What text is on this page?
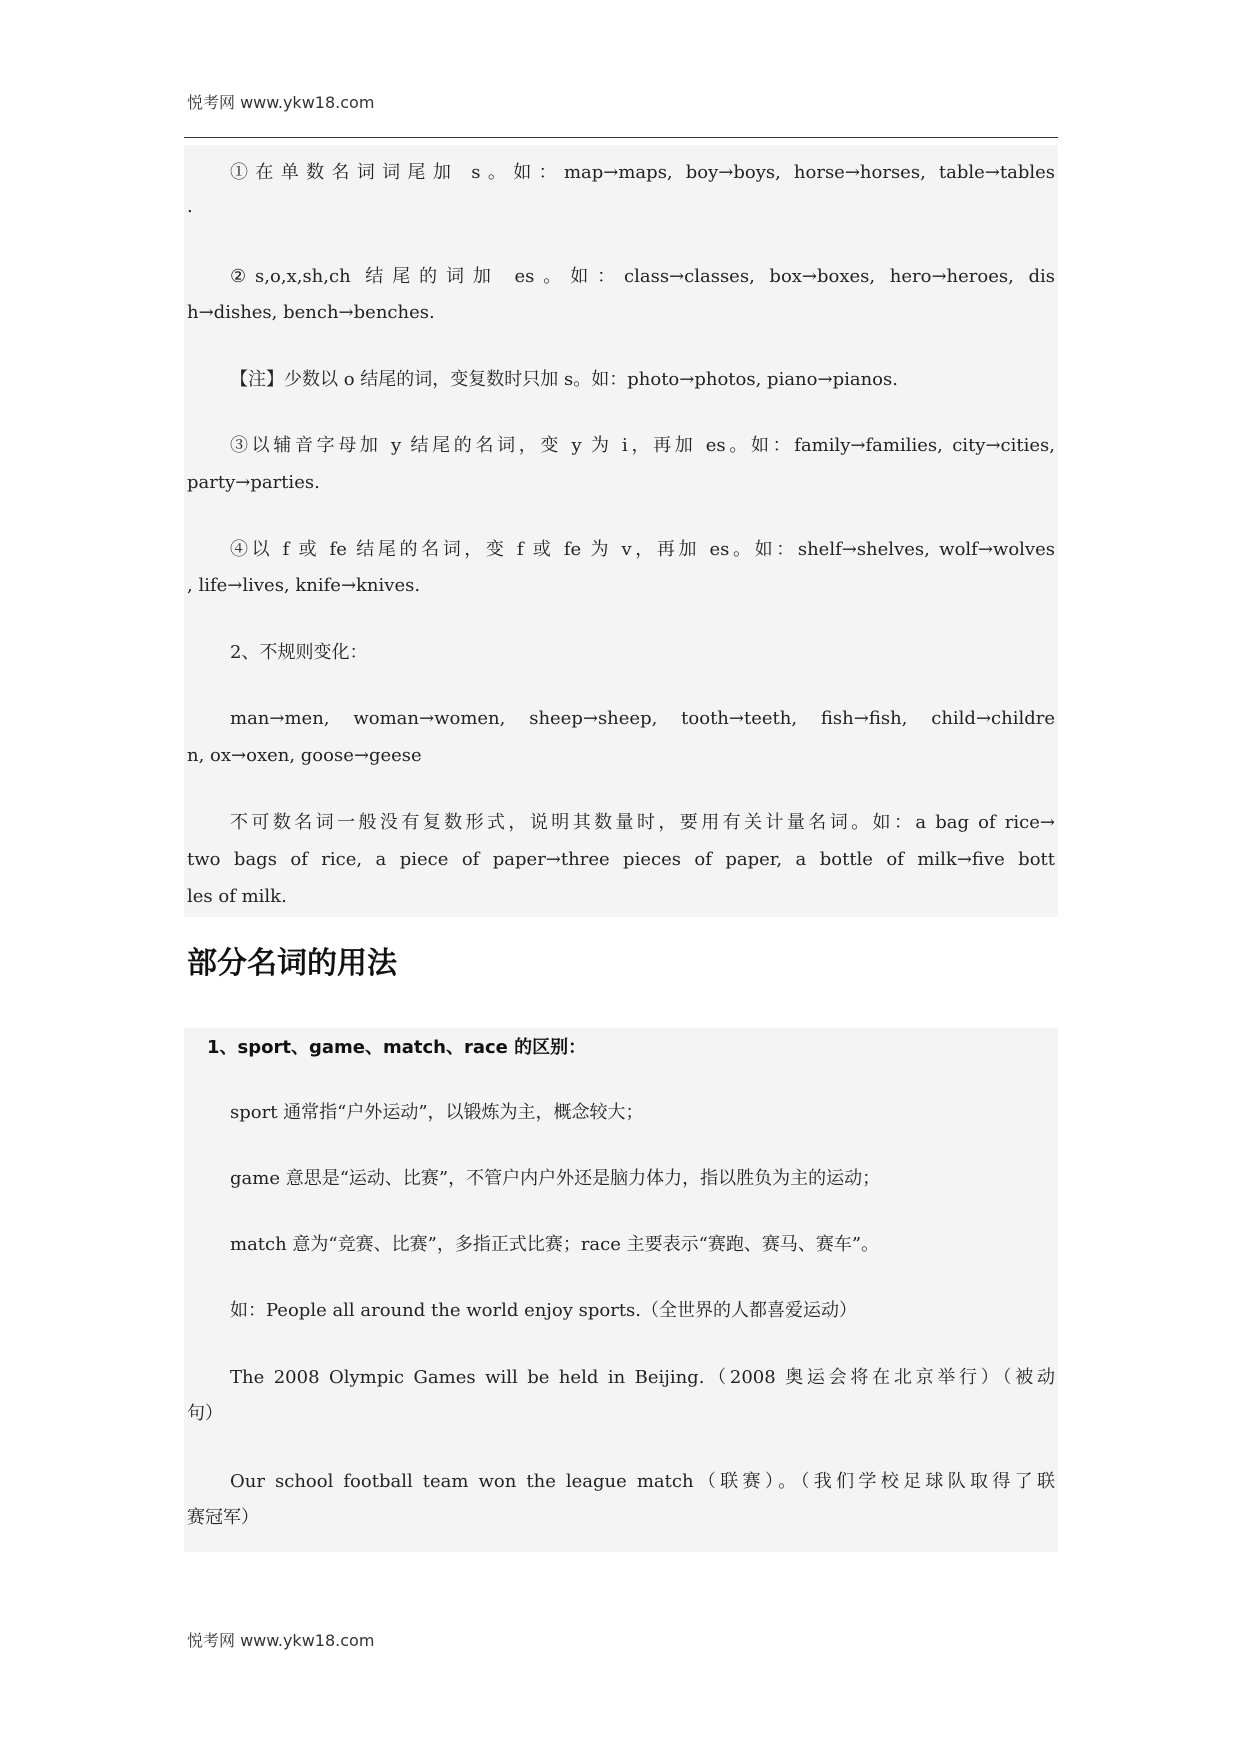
悦考网 www.ykw18.com
①在单数名词词尾加 s。如：map→maps, boy→boys, horse→horses, table→tables
.
②s,o,x,sh,ch 结尾的词加 es。如：class→classes, box→boxes, hero→heroes, dis
h→dishes, bench→benches.
【注】少数以 o 结尾的词，变复数时只加 s。如：photo→photos, piano→pianos.
③以辅音字母加 y 结尾的名词，变 y 为 i，再加 es。如：family→families, city→cities,
party→parties.
④以 f 或 fe 结尾的名词，变 f 或 fe 为 v，再加 es。如：shelf→shelves, wolf→wolves
, life→lives, knife→knives.
2、不规则变化：
man→men, woman→women, sheep→sheep, tooth→teeth, fish→fish, child→childre
n, ox→oxen, goose→geese
不可数名词一般没有复数形式，说明其数量时，要用有关计量名词。如：a bag of rice→
two bags of rice, a piece of paper→three pieces of paper, a bottle of milk→five bott
les of milk.
部分名词的用法
1、sport、game、match、race 的区别：
sport 通常指“户外运动”，以锻炼为主，概念较大；
game 意思是“运动、比赛”，不管户内户外还是脑力体力，指以胜负为主的运动；
match 意为“竞赛、比赛”，多指正式比赛；race 主要表示“赛跑、赛马、赛车”。
如：People all around the world enjoy sports.（全世界的人都喜爱运动）
The 2008 Olympic Games will be held in Beijing.（2008 奥运会将在北京举行）（被动
句）
Our school football team won the league match（联赛）。（我们学校足球队取得了联
赛冠军）
悦考网 www.ykw18.com
